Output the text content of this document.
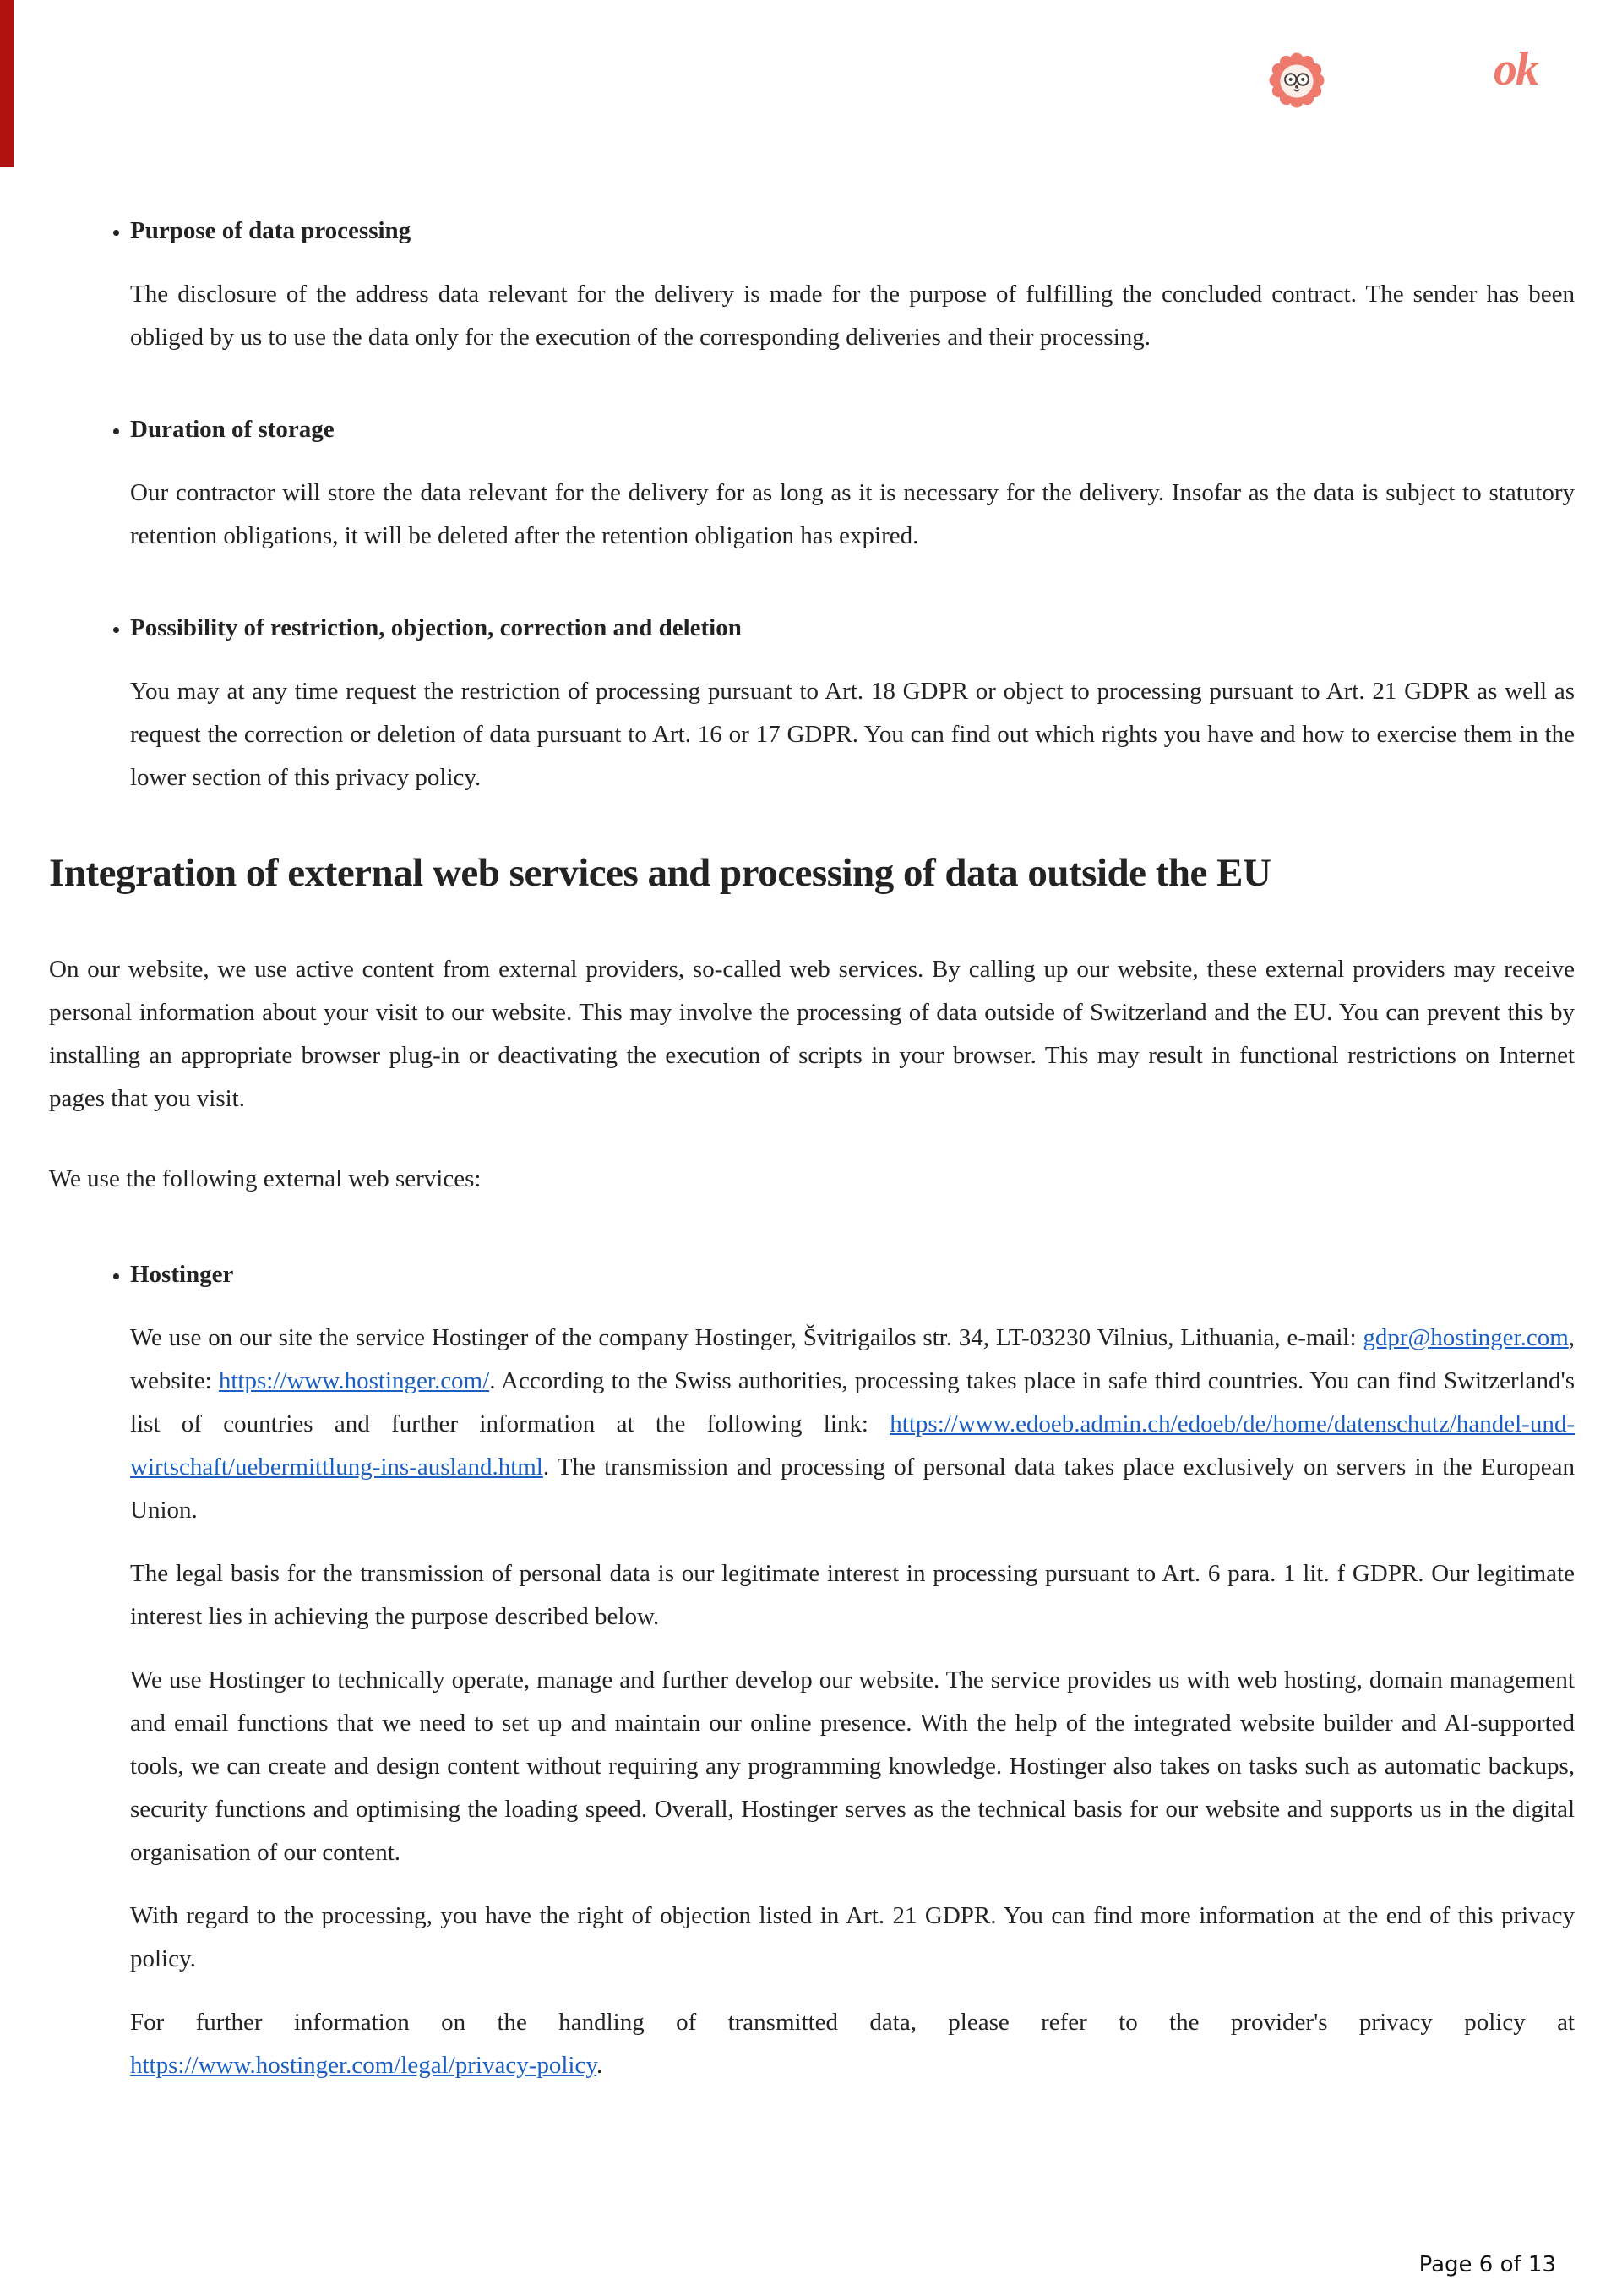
ok
• Purpose of data processing

The disclosure of the address data relevant for the delivery is made for the purpose of fulfilling the concluded contract. The sender has been obliged by us to use the data only for the execution of the corresponding deliveries and their processing.

• Duration of storage

Our contractor will store the data relevant for the delivery for as long as it is necessary for the delivery. Insofar as the data is subject to statutory retention obligations, it will be deleted after the retention obligation has expired.

• Possibility of restriction, objection, correction and deletion

You may at any time request the restriction of processing pursuant to Art. 18 GDPR or object to processing pursuant to Art. 21 GDPR as well as request the correction or deletion of data pursuant to Art. 16 or 17 GDPR. You can find out which rights you have and how to exercise them in the lower section of this privacy policy.

Integration of external web services and processing of data outside the EU

On our website, we use active content from external providers, so-called web services. By calling up our website, these external providers may receive personal information about your visit to our website. This may involve the processing of data outside of Switzerland and the EU. You can prevent this by installing an appropriate browser plug-in or deactivating the execution of scripts in your browser. This may result in functional restrictions on Internet pages that you visit.

We use the following external web services:

• Hostinger

We use on our site the service Hostinger of the company Hostinger, Švitrigailos str. 34, LT-03230 Vilnius, Lithuania, e-mail: gdpr@hostinger.com, website: https://www.hostinger.com/. According to the Swiss authorities, processing takes place in safe third countries. You can find Switzerland's list of countries and further information at the following link: https://www.edoeb.admin.ch/edoeb/de/home/datenschutz/handel-und-wirtschaft/uebermittlung-ins-ausland.html. The transmission and processing of personal data takes place exclusively on servers in the European Union.

The legal basis for the transmission of personal data is our legitimate interest in processing pursuant to Art. 6 para. 1 lit. f GDPR. Our legitimate interest lies in achieving the purpose described below.

We use Hostinger to technically operate, manage and further develop our website. The service provides us with web hosting, domain management and email functions that we need to set up and maintain our online presence. With the help of the integrated website builder and AI-supported tools, we can create and design content without requiring any programming knowledge. Hostinger also takes on tasks such as automatic backups, security functions and optimising the loading speed. Overall, Hostinger serves as the technical basis for our website and supports us in the digital organisation of our content.

With regard to the processing, you have the right of objection listed in Art. 21 GDPR. You can find more information at the end of this privacy policy.

For further information on the handling of transmitted data, please refer to the provider's privacy policy at https://www.hostinger.com/legal/privacy-policy.

Page 6 of 13
